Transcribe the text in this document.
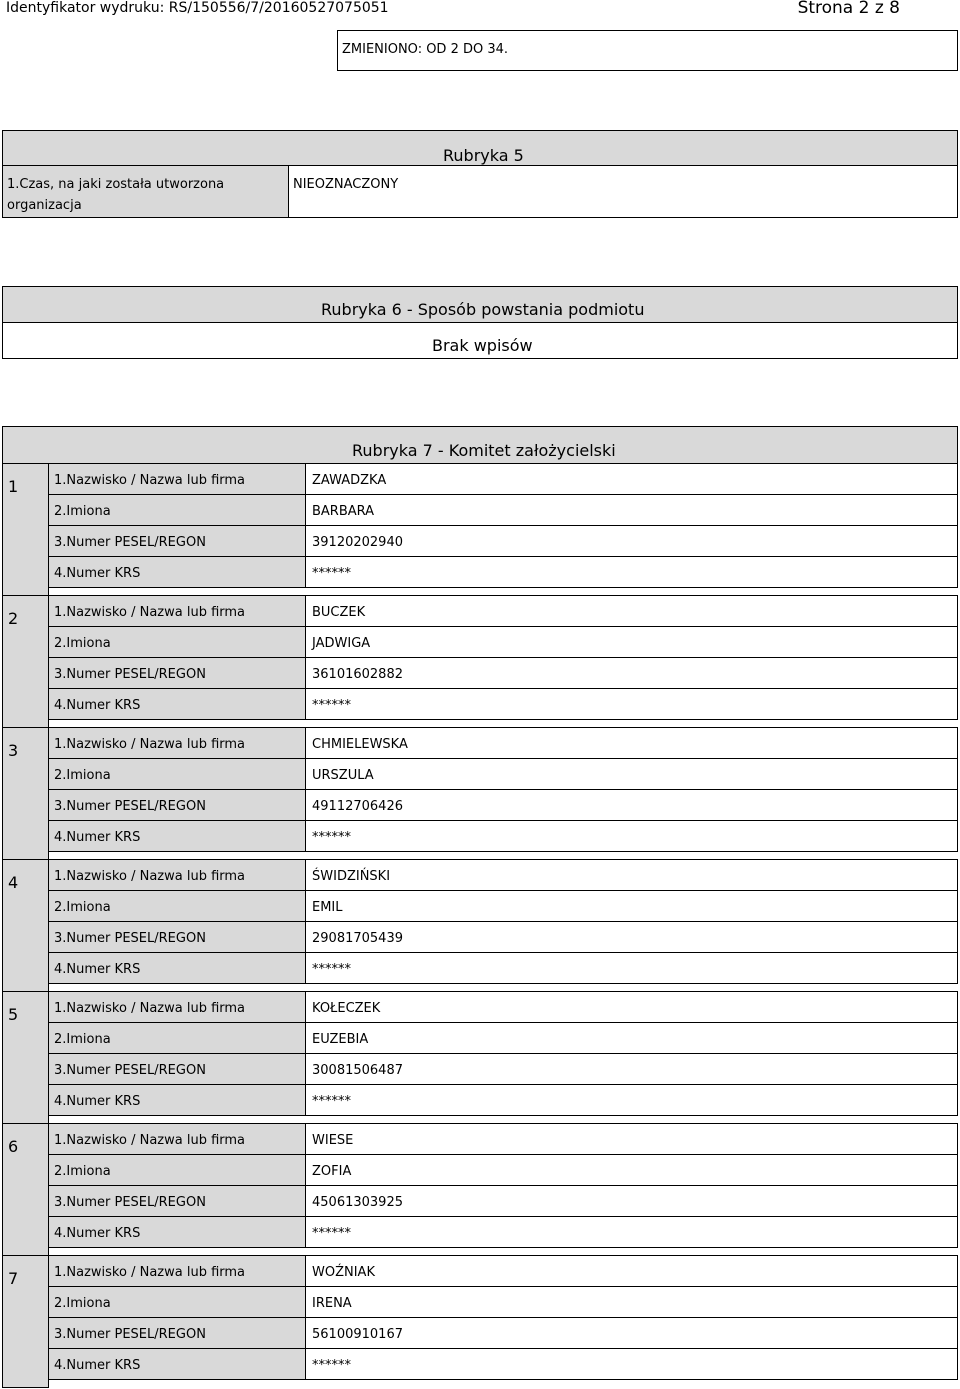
Identyfikator wydruku: RS/150556/7/20160527075051	Strona 2 z 8
ZMIENIONO: OD 2 DO 34.
Rubryka 5
1.Czas, na jaki została utworzona
organizacja
NIEOZNACZONY
Rubryka 6 - Sposób powstania podmiotu
Brak wpisów
Rubryka 7 - Komitet założycielski
1	1.Nazwisko / Nazwa lub firma	ZAWADZKA
2.Imiona	BARBARA
3.Numer PESEL/REGON	39120202940
4.Numer KRS	******
2	1.Nazwisko / Nazwa lub firma	BUCZEK
2.Imiona	JADWIGA
3.Numer PESEL/REGON	36101602882
4.Numer KRS	******
3	1.Nazwisko / Nazwa lub firma	CHMIELEWSKA
2.Imiona	URSZULA
3.Numer PESEL/REGON	49112706426
4.Numer KRS	******
4	1.Nazwisko / Nazwa lub firma	ŚWIDZIŃSKI
2.Imiona	EMIL
3.Numer PESEL/REGON	29081705439
4.Numer KRS	******
5	1.Nazwisko / Nazwa lub firma	KOŁECZEK
2.Imiona	EUZEBIA
3.Numer PESEL/REGON	30081506487
4.Numer KRS	******
6	1.Nazwisko / Nazwa lub firma	WIESE
2.Imiona	ZOFIA
3.Numer PESEL/REGON	45061303925
4.Numer KRS	******
7	1.Nazwisko / Nazwa lub firma	WOŹNIAK
2.Imiona	IRENA
3.Numer PESEL/REGON	56100910167
4.Numer KRS	******
